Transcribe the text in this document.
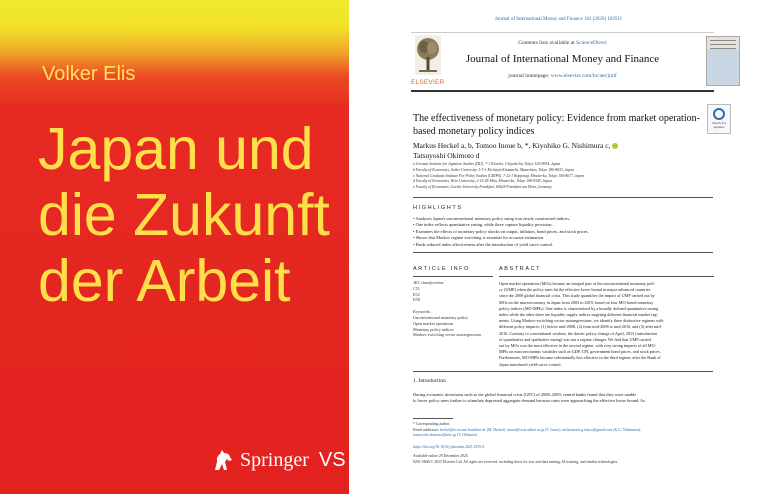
Volker Elis
Japan und
die Zukunft
der Arbeit
Springer VS
Journal of International Money and Finance 162 (2026) 103511
Contents lists available at ScienceDirect
Journal of International Money and Finance
journal homepage: www.elsevier.com/locate/jimf
ELSEVIER
Check for updates
The effectiveness of monetary policy: Evidence from market operation-based monetary policy indices
Markus Heckel a, b, Tomoo Inoue b, *, Kiyohiko G. Nishimura c,
Tatsuyoshi Okimoto d
a German Institute for Japanese Studies (DIJ), 7-1 Kioicho, Chiyoda-ku, Tokyo 102-0094, Japan
b Faculty of Economics, Seikei University, 3-3-1 Kichijoji-Kitamachi, Musashino, Tokyo 180-8633, Japan
c National Graduate Institute For Policy Studies (GRIPS), 7-22-1 Roppongi, Minato-ku, Tokyo 106-8677, Japan
d Faculty of Economics, Keio University, 2-15-45 Mita, Minato-ku, Tokyo 108-8345, Japan
e Faculty of Economics, Goethe University Frankfurt, 60629 Frankfurt am Main, Germany
HIGHLIGHTS
• Analyzes Japan's unconventional monetary policy using four newly constructed indices.
• One index reflects quantitative easing, while three capture liquidity provision.
• Examines the effects of monetary policy shocks on output, inflation, bond prices, and stock prices.
• Shows that Markov regime switching is essential for accurate estimation.
• Finds reduced index effectiveness after the introduction of yield curve control.
ARTICLE INFO	ABSTRACT
JEL classification:
C51
E52
E58
Keywords:
Unconventional monetary policy
Open market operations
Monetary policy indices
Markov-switching vector autoregression
Open market operations (MOs) became an integral part of the unconventional monetary poli-
cy (UMP) when the policy rates hit the effective lower bound in major advanced countries
since the 2008 global financial crisis. This study quantifies the impact of UMP carried out by
MOs on the macroeconomy in Japan from 2003 to 2019, based on four MO-based monetary
policy indices (MO-MPIs). One index is characterized by a broadly defined quantitative easing
index while the other three are liquidity supply indices targeting different financial market seg-
ments. Using Markov-switching vector autoregressions, we identify three distinctive regimes with
different policy impacts: (1) before mid-2008, (2) from mid-2008 to mid-2016, and (3) after mid-
2016. Contrary to conventional wisdom, the drastic policy change of April, 2013 (introduction
of quantitative and qualitative easing) was not a regime changer. We find that UMP carried
out by MOs was the most effective in the second regime, with very strong impacts of all MO-
MPIs on macroeconomic variables such as GDP, CPI, government bond prices, and stock prices.
Furthermore, MO-MPIs became substantially less effective in the third regime, after the Bank of
Japan introduced yield-curve control.
1. Introduction
During economic downturns such as the global financial crisis (GFC) of 2008–2009, central banks found that they were unable
to lower policy rates further to stimulate depressed aggregate demand because rates were approaching the effective lower bound. As
* Corresponding author.
Email addresses: heckel@econ.uni-frankfurt.de (M. Heckel), inoue@econ.seikei.ac.jp (T. Inoue), nishimura.k.g.tokyo@gmail.com (K.G. Nishimura),
tatsuyoshi.okimoto@keio.jp (T. Okimoto).
https://doi.org/10.1016/j.jimonfin.2025.103511
Available online 29 December 2025
0261-5606/© 2025 Elsevier Ltd. All rights are reserved, including those for text and data mining, AI training, and similar technologies.
